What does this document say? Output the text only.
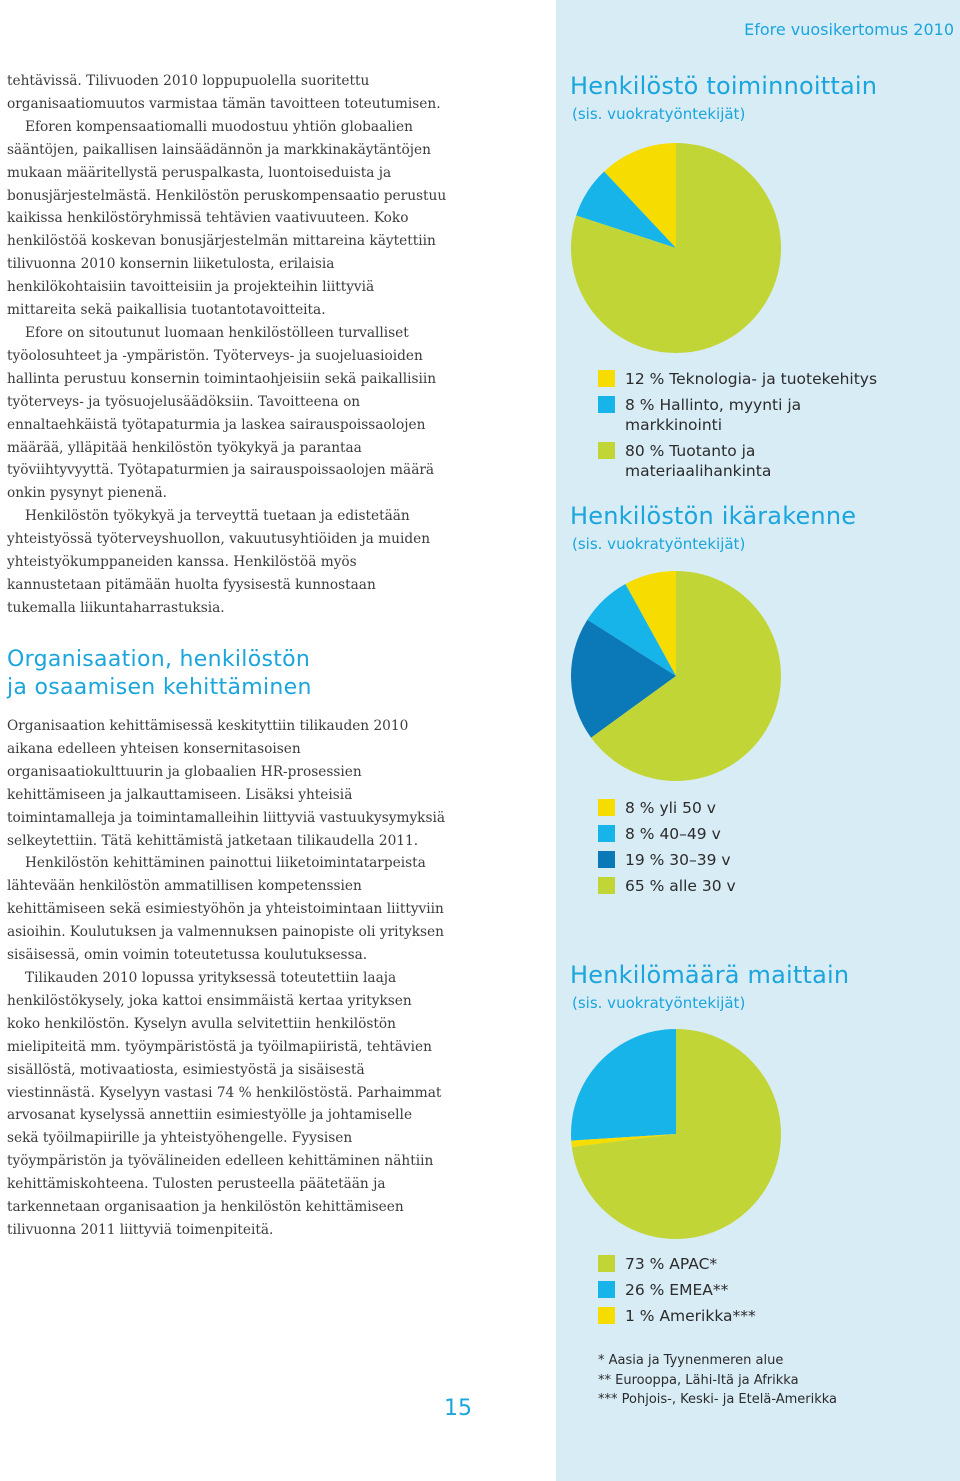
Efore vuosikertomus 2010

tehtävissä. Tilivuoden 2010 loppupuolella suoritettu organisaatiomuutos varmistaa tämän tavoitteen toteutumisen.

Eforen kompensaatiomalli muodostuu yhtiön globaalien sääntöjen, paikallisen lainsäädännön ja markkinakäytäntöjen mukaan määritellystä peruspalkasta, luontoiseduista ja bonusjärjestelmästä. Henkilöstön peruskompensaatio perustuu kaikissa henkilöstöryhmissä tehtävien vaativuuteen. Koko henkilöstöä koskevan bonusjärjestelmän mittareina käytettiin tilivuonna 2010 konsernin liiketulosta, erilaisia henkilökohtaisiin tavoitteisiin ja projekteihin liittyviä mittareita sekä paikallisia tuotantotavoitteita.

Efore on sitoutunut luomaan henkilöstölleen turvalliset työolosuhteet ja -ympäristön. Työterveys- ja suojeluasioiden hallinta perustuu konsernin toimintaohjeisiin sekä paikallisiin työterveys- ja työsuojelusäädöksiin. Tavoitteena on ennaltaehkäistä työtapaturmia ja laskea sairauspoissaolojen määrää, ylläpitää henkilöstön työkykyä ja parantaa työviihtyvyyttä. Työtapaturmien ja sairauspoissaolojen määrä onkin pysynyt pienenä.

Henkilöstön työkykyä ja terveyttä tuetaan ja edistetään yhteistyössä työterveyshuollon, vakuutusyhtiöiden ja muiden yhteistyökumppaneiden kanssa. Henkilöstöä myös kannustetaan pitämään huolta fyysisestä kunnostaan tukemalla liikuntaharrastuksia.

Organisaation, henkilöstön
ja osaamisen kehittäminen

Organisaation kehittämisessä keskityttiin tilikauden 2010 aikana edelleen yhteisen konsernitasoisen organisaatiokulttuurin ja globaalien HR-prosessien kehittämiseen ja jalkauttamiseen. Lisäksi yhteisiä toimintamalleja ja toimintamalleihin liittyviä vastuukysymyksiä selkeytettiin. Tätä kehittämistä jatketaan tilikaudella 2011.

Henkilöstön kehittäminen painottui liiketoimintatarpeista lähtevään henkilöstön ammatillisen kompetenssien kehittämiseen sekä esimiestyöhön ja yhteistoimintaan liittyviin asioihin. Koulutuksen ja valmennuksen painopiste oli yrityksen sisäisessä, omin voimin toteutetussa koulutuksessa.

Tilikauden 2010 lopussa yrityksessä toteutettiin laaja henkilöstökysely, joka kattoi ensimmäistä kertaa yrityksen koko henkilöstön. Kyselyn avulla selvitettiin henkilöstön mielipiteitä mm. työympäristöstä ja työilmapiiristä, tehtävien sisällöstä, motivaatiosta, esimiestyöstä ja sisäisestä viestinnästä. Kyselyyn vastasi 74 % henkilöstöstä. Parhaimmat arvosanat kyselyssä annettiin esimiestyölle ja johtamiselle sekä työilmapiirille ja yhteistyöhengelle. Fyysisen työympäristön ja työvälineiden edelleen kehittäminen nähtiin kehittämiskohteena. Tulosten perusteella päätetään ja tarkennetaan organisaation ja henkilöstön kehittämiseen tilivuonna 2011 liittyviä toimenpiteitä.

Henkilöstö toiminnoittain
(sis. vuokratyöntekijät)
12 % Teknologia- ja tuotekehitys
8 % Hallinto, myynti ja markkinointi
80 % Tuotanto ja materiaalihankinta
Henkilöstön ikärakenne
(sis. vuokratyöntekijät)
8 % yli 50 v
8 % 40–49 v
19 % 30–39 v
65 % alle 30 v
Henkilömäärä maittain
(sis. vuokratyöntekijät)
73 % APAC*
26 % EMEA**
1 % Amerikka***
* Aasia ja Tyynenmeren alue
** Eurooppa, Lähi-Itä ja Afrikka
*** Pohjois-, Keski- ja Etelä-Amerikka
15
